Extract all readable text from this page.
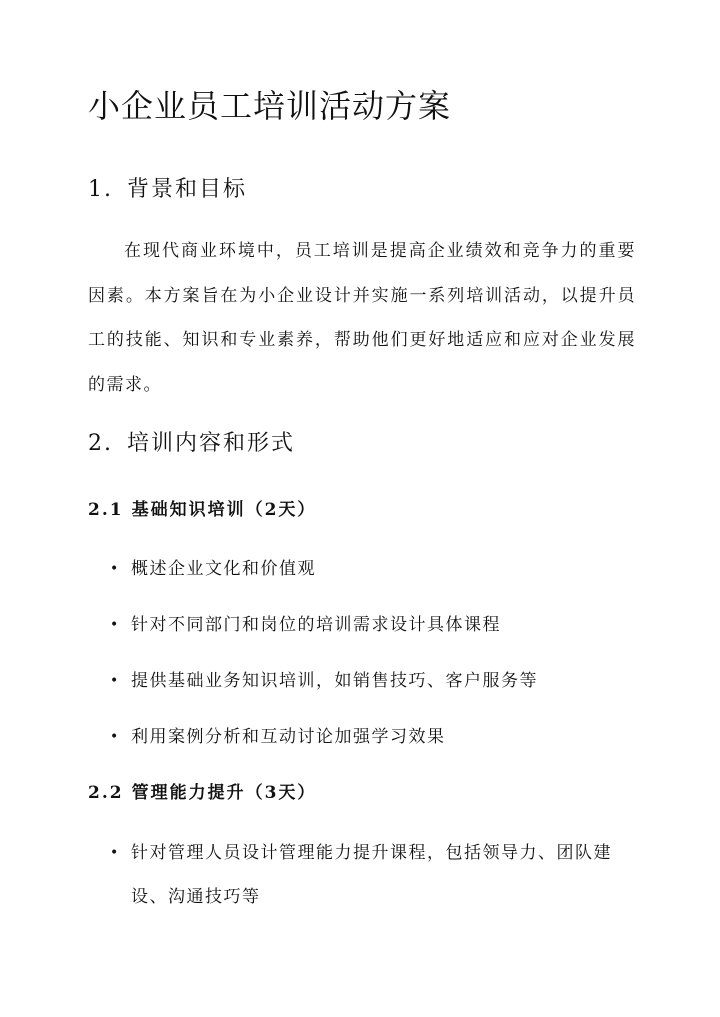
小企业员工培训活动方案
1. 背景和目标

在现代商业环境中，员工培训是提高企业绩效和竞争力的重要因素。本方案旨在为小企业设计并实施一系列培训活动，以提升员工的技能、知识和专业素养，帮助他们更好地适应和应对企业发展的需求。

2. 培训内容和形式
2.1 基础知识培训（2天）

• 概述企业文化和价值观

• 针对不同部门和岗位的培训需求设计具体课程

• 提供基础业务知识培训，如销售技巧、客户服务等

• 利用案例分析和互动讨论加强学习效果

2.2 管理能力提升（3天）

• 针对管理人员设计管理能力提升课程，包括领导力、团队建设、沟通技巧等
